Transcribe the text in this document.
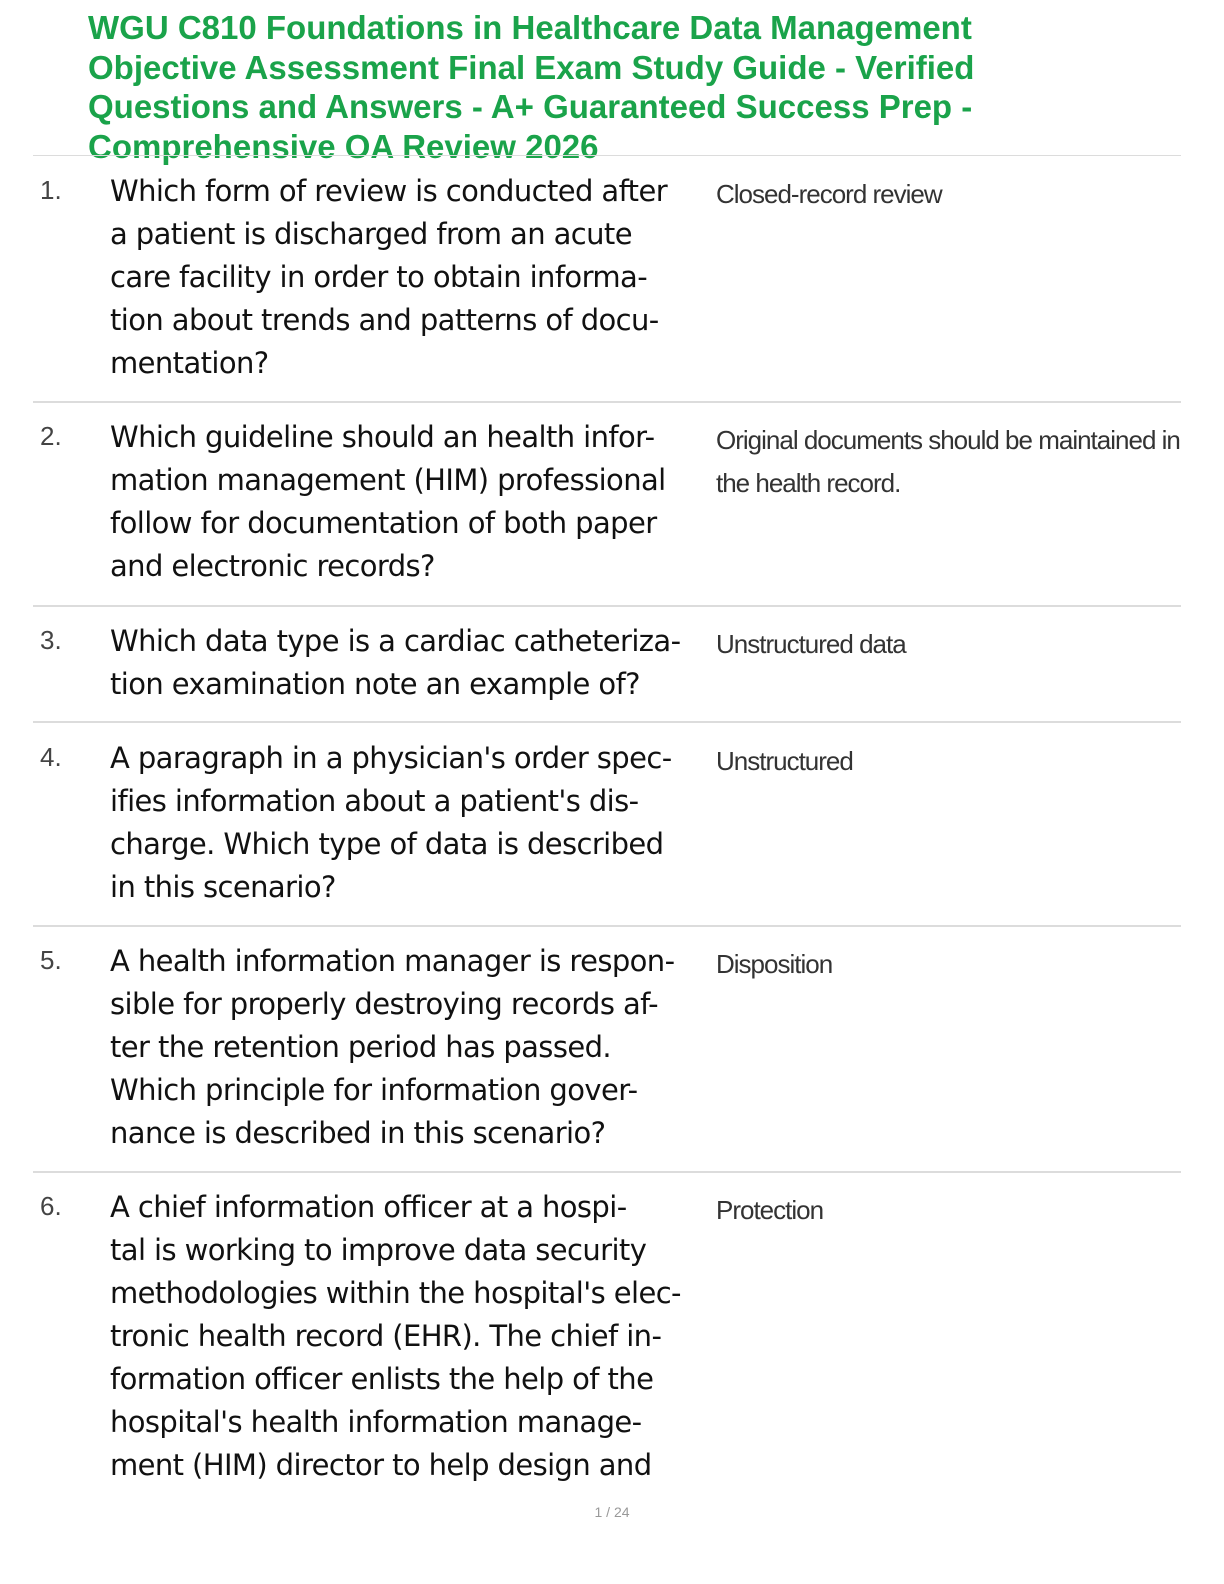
WGU C810 Foundations in Healthcare Data Management
Objective Assessment Final Exam Study Guide - Verified
Questions and Answers - A+ Guaranteed Success Prep -
Comprehensive OA Review 2026
1. Which form of review is conducted after
a patient is discharged from an acute
care facility in order to obtain informa-
tion about trends and patterns of docu-
mentation?
Closed-record review
2. Which guideline should an health infor-
mation management (HIM) professional
follow for documentation of both paper
and electronic records?
Original documents should be maintained in
the health record.
3. Which data type is a cardiac catheteriza-
tion examination note an example of?
Unstructured data
4. A paragraph in a physician's order spec-
ifies information about a patient's dis-
charge. Which type of data is described
in this scenario?
Unstructured
5. A health information manager is respon-
sible for properly destroying records af-
ter the retention period has passed.
Which principle for information gover-
nance is described in this scenario?
Disposition
6. A chief information officer at a hospi-
tal is working to improve data security
methodologies within the hospital's elec-
tronic health record (EHR). The chief in-
formation officer enlists the help of the
hospital's health information manage-
ment (HIM) director to help design and
Protection
1 / 24
